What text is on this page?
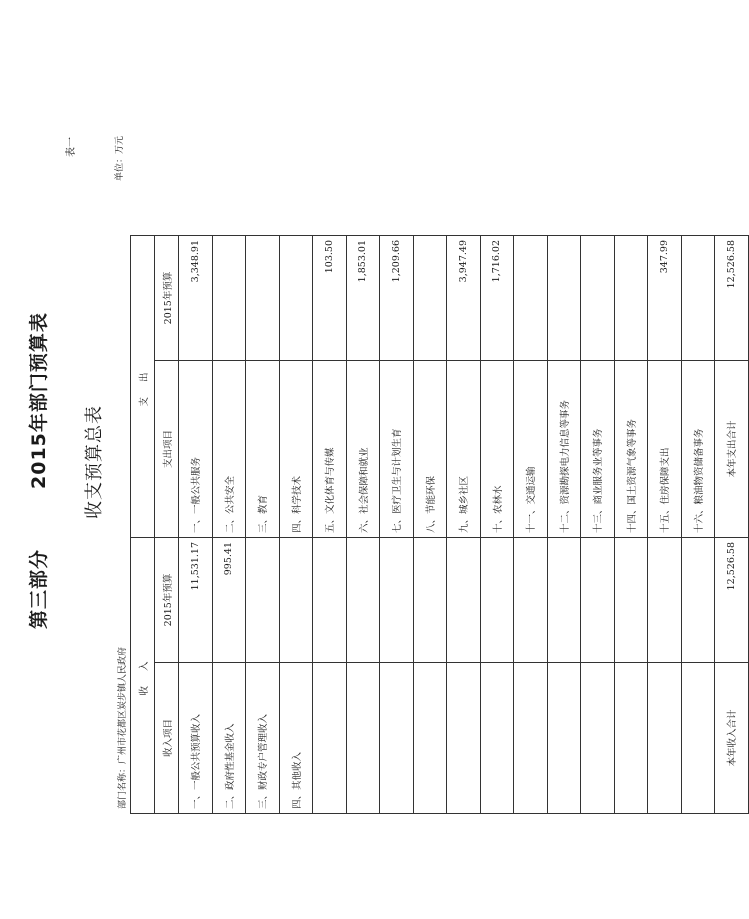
第三部分2015年部门预算表 收支预算总表
表一	单位：万元
部门名称：广州市花都区炭步镇人民政府 收 入		支 出	
收入项目	2015年预算	支出项目	2015年预算
一、一般公共预算收入	11,531.17	一、一般公共服务	3,348.91
二、政府性基金收入	995.41	二、公共安全	
三、财政专户管理收入		三、教育	
四、其他收入		四、科学技术	
		五、文化体育与传媒	103.50
		六、社会保障和就业	1,853.01
		七、医疗卫生与计划生育	1,209.66
		八、节能环保	
		九、城乡社区	3,947.49
		十、农林水	1,716.02
		十一、交通运输	
		十二、资源勘探电力信息等事务	
		十三、商业服务业等事务	
		十四、国土资源气象等事务	
		十五、住房保障支出	347.99
		十六、粮油物资储备事务	
本年收入合计	12,526.58	本年支出合计	12,526.58
